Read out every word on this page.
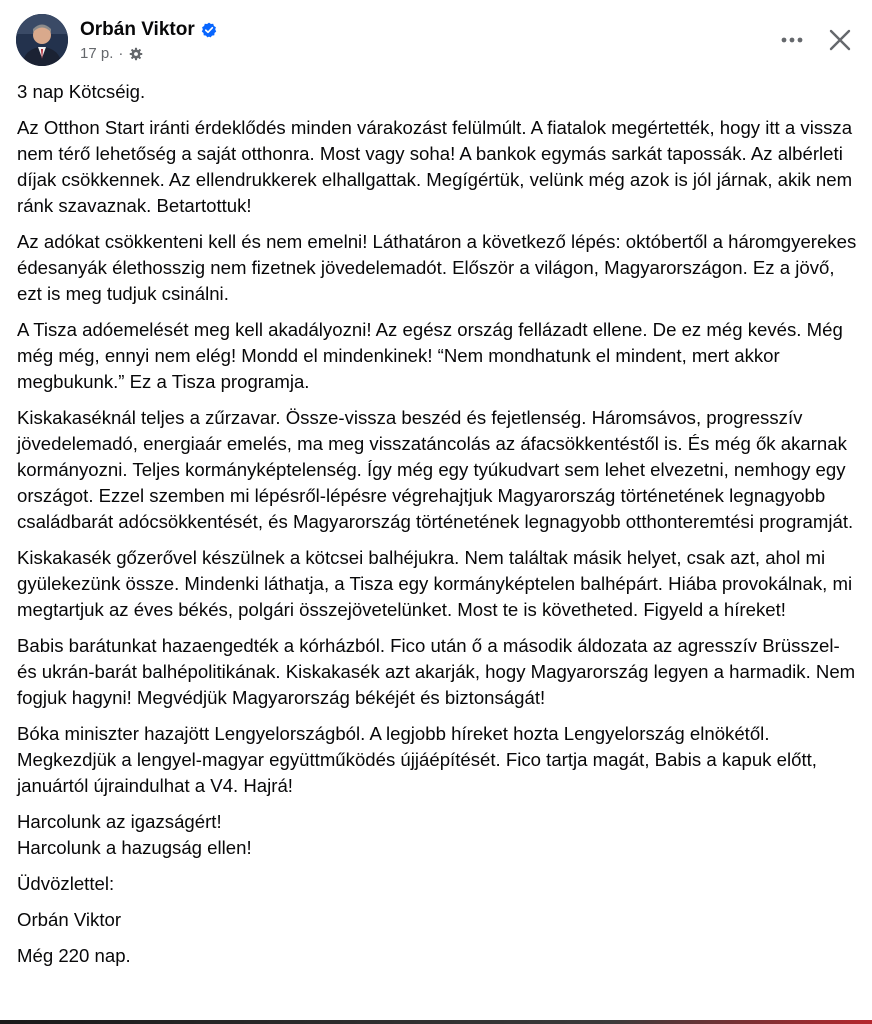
Orbán Viktor
17 p. ·

3 nap Kötcséig.

Az Otthon Start iránti érdeklődés minden várakozást felülmúlt. A fiatalok megértették, hogy itt a vissza nem térő lehetőség a saját otthonra. Most vagy soha! A bankok egymás sarkát tapossák. Az albérleti díjak csökkennek. Az ellendrukkerek elhallgattak. Megígértük, velünk még azok is jól járnak, akik nem ránk szavaznak. Betartottuk!

Az adókat csökkenteni kell és nem emelni! Láthatáron a következő lépés: októbertől a háromgyerekes édesanyák élethosszig nem fizetnek jövedelemadót. Először a világon, Magyarországon. Ez a jövő, ezt is meg tudjuk csinálni.

A Tisza adóemelését meg kell akadályozni! Az egész ország fellázadt ellene. De ez még kevés. Még még még, ennyi nem elég! Mondd el mindenkinek! “Nem mondhatunk el mindent, mert akkor megbukunk.” Ez a Tisza programja.

Kiskakaséknál teljes a zűrzavar. Össze-vissza beszéd és fejetlenség. Háromsávos, progresszív jövedelemadó, energiaár emelés, ma meg visszatáncolás az áfacsökkentéstől is. És még ők akarnak kormányozni. Teljes kormányképtelenség. Így még egy tyúkudvart sem lehet elvezetni, nemhogy egy országot. Ezzel szemben mi lépésről-lépésre végrehajtjuk Magyarország történetének legnagyobb családbarát adócsökkentését, és Magyarország történetének legnagyobb otthonteremtési programját.

Kiskakasék gőzerővel készülnek a kötcsei balhéjukra. Nem találtak másik helyet, csak azt, ahol mi gyülekezünk össze. Mindenki láthatja, a Tisza egy kormányképtelen balhépárt. Hiába provokálnak, mi megtartjuk az éves békés, polgári összejövetelünket. Most te is követheted. Figyeld a híreket!

Babis barátunkat hazaengedték a kórházból. Fico után ő a második áldozata az agresszív Brüsszel- és ukrán-barát balhépolitikának. Kiskakasék azt akarják, hogy Magyarország legyen a harmadik. Nem fogjuk hagyni! Megvédjük Magyarország békéjét és biztonságát!

Bóka miniszter hazajött Lengyelországból. A legjobb híreket hozta Lengyelország elnökétől. Megkezdjük a lengyel-magyar együttműködés újjáépítését. Fico tartja magát, Babis a kapuk előtt, januártól újraindulhat a V4. Hajrá!

Harcolunk az igazságért!
Harcolunk a hazugság ellen!

Üdvözlettel:

Orbán Viktor

Még 220 nap.
